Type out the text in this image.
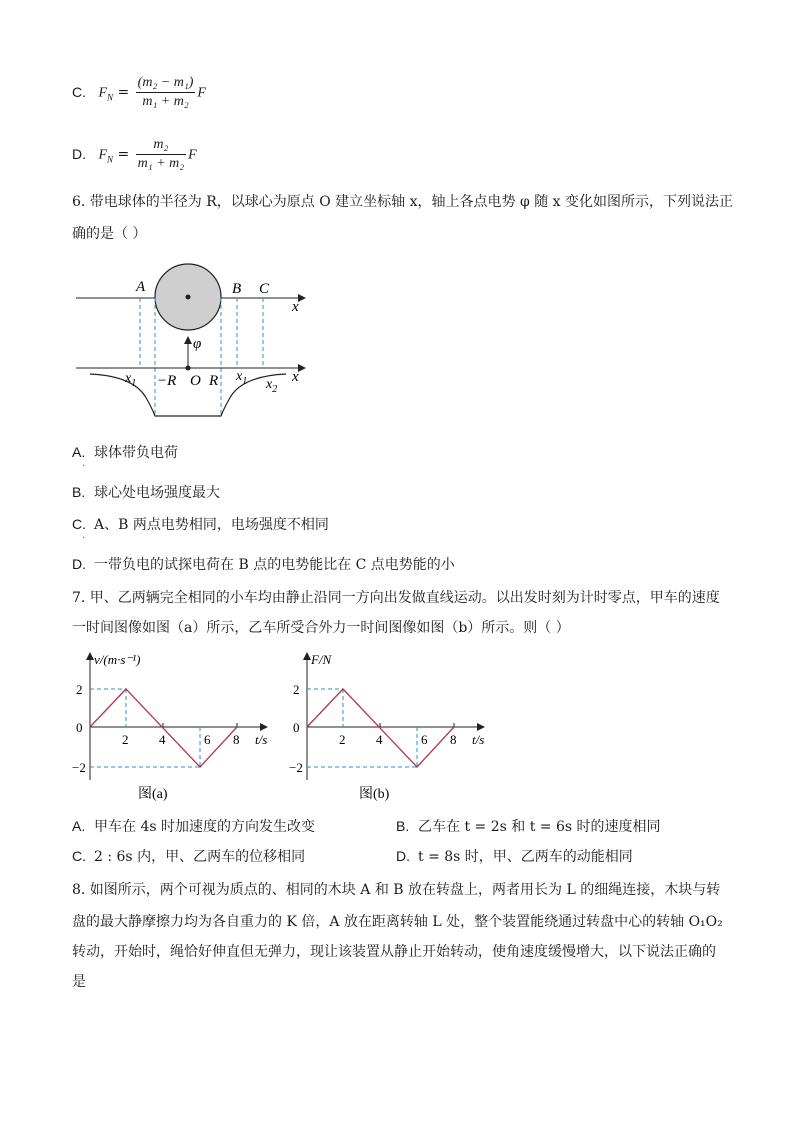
C. $F_N = \frac{\text{(m₂ − m₁)}}{\text{m₁ + m₂}}$ F
D. $F_N = \frac{\text{m₂}}{\text{m₁ + m₂}}$ F
6. 带电球体的半径为 R，以球心为原点 O 建立坐标轴 x，轴上各点电势 φ 随 x 变化如图所示，下列说法正
确的是（ ）
A	B C
x
φ
$x_1 -R$ O R $x_1$ $x_2$
x
A. 球体带负电荷
.
B. 球心处电场强度最大
C. A、B 两点电势相同，电场强度不相同
.
D. 一带负电的试探电荷在 B 点的电势能比在 C 点电势能的小
7. 甲、乙两辆完全相同的小车均由静止沿同一方向出发做直线运动。以出发时刻为计时零点，甲车的速度
一时间图像如图（a）所示，乙车所受合外力一时间图像如图（b）所示。则（ ）
v/(m·s⁻¹)
t/s
2
0
−2
2 4	6 8
图(a)
F/N
t/s
2
0
−2
2 4	6 8
图(b)
A. 甲车在 4s 时加速度的方向发生改变	B. 乙车在 t = 2s 和 t = 6s 时的速度相同
C. 2 : 6s 内，甲、乙两车的位移相同	D. t = 8s 时，甲、乙两车的动能相同
8. 如图所示，两个可视为质点的、相同的木块 A 和 B 放在转盘上，两者用长为 L 的细绳连接，木块与转
盘的最大静摩擦力均为各自重力的 K 倍，A 放在距离转轴 L 处，整个装置能绕通过转盘中心的转轴 O₁O₂
转动，开始时，绳恰好伸直但无弹力，现让该装置从静止开始转动，使角速度缓慢增大，以下说法正确的
是
